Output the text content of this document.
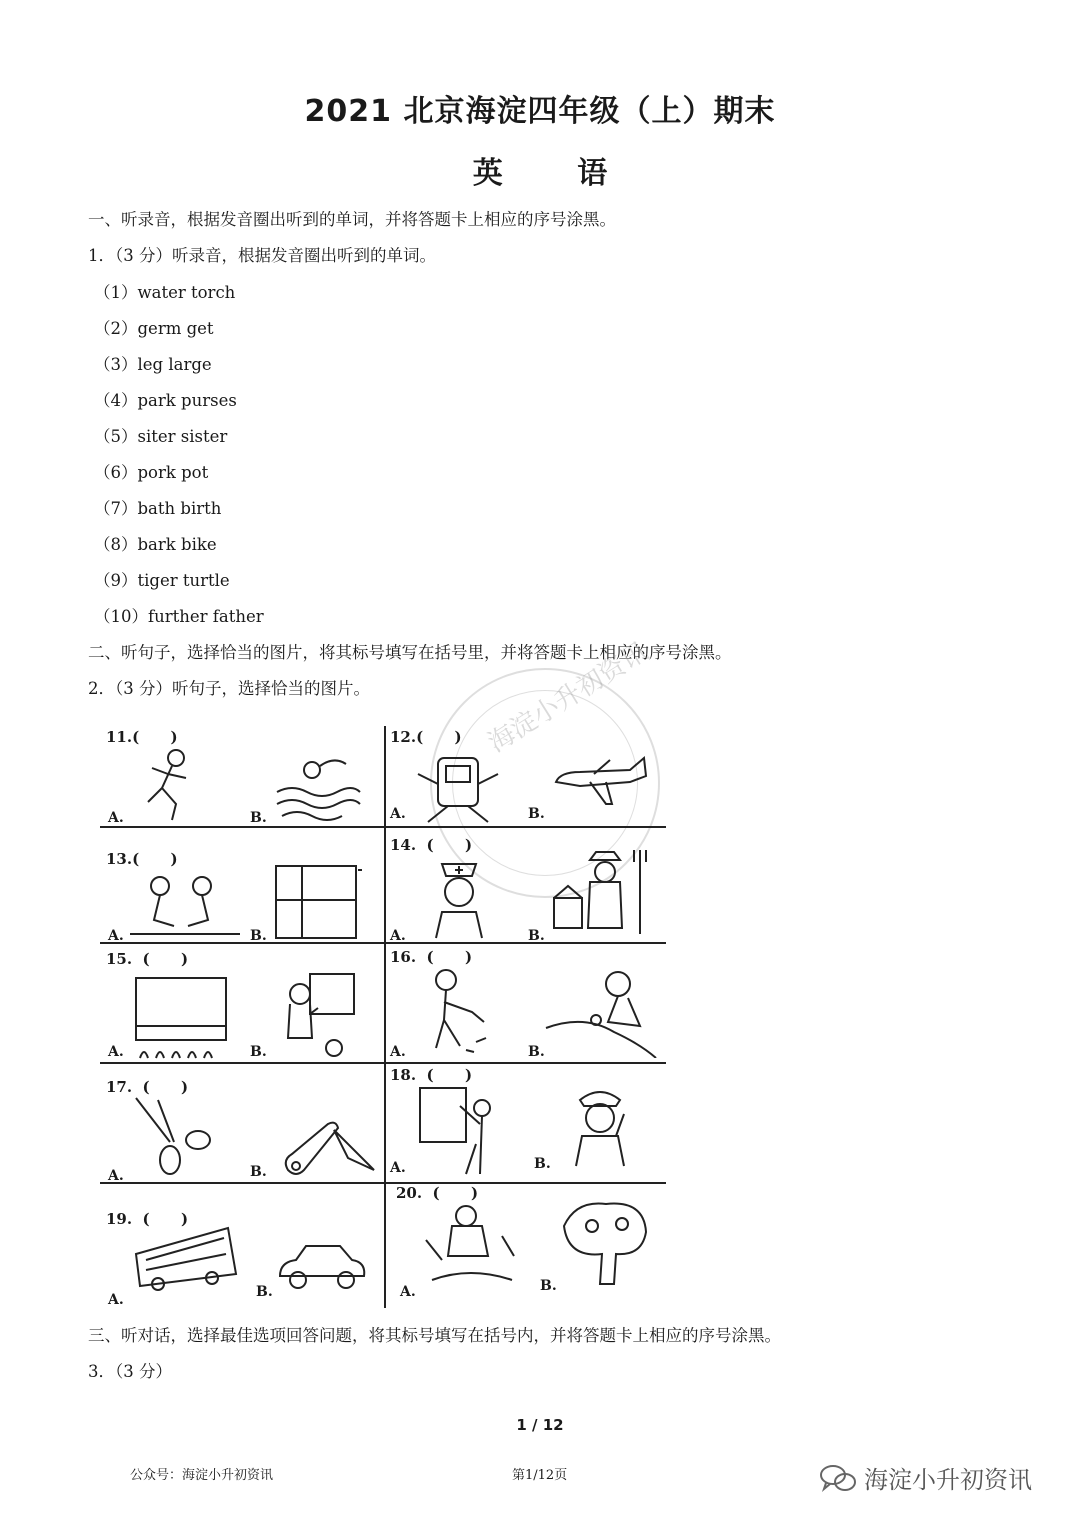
2021 北京海淀四年级（上）期末
英 语
一、听录音，根据发音圈出听到的单词，并将答题卡上相应的序号涂黑。
1．（3 分）听录音，根据发音圈出听到的单词。
（1）water torch
（2）germ get
（3）leg large
（4）park purses
（5）siter sister
（6）pork pot
（7）bath birth
（8）bark bike
（9）tiger turtle
（10）further father
二、听句子，选择恰当的图片，将其标号填写在括号里，并将答题卡上相应的序号涂黑。
2．（3 分）听句子，选择恰当的图片。	海淀小升初资讯
11.(      )
A.	B.
12.(      )
A.	B.
13.(      )
A.	B.
14.  (      )
A.	B.
15.  (      )
A.	B.
16.  (      )
A.	B.
17.  (      )
A.	B.
18.  (      )
A.	B.
19.  (      )
A.	B.
20.  (      )
A.	B.
三、听对话，选择最佳选项回答问题，将其标号填写在括号内，并将答题卡上相应的序号涂黑。
3．（3 分）
1 / 12
公众号：海淀小升初资讯	第1/12页	海淀小升初资讯
